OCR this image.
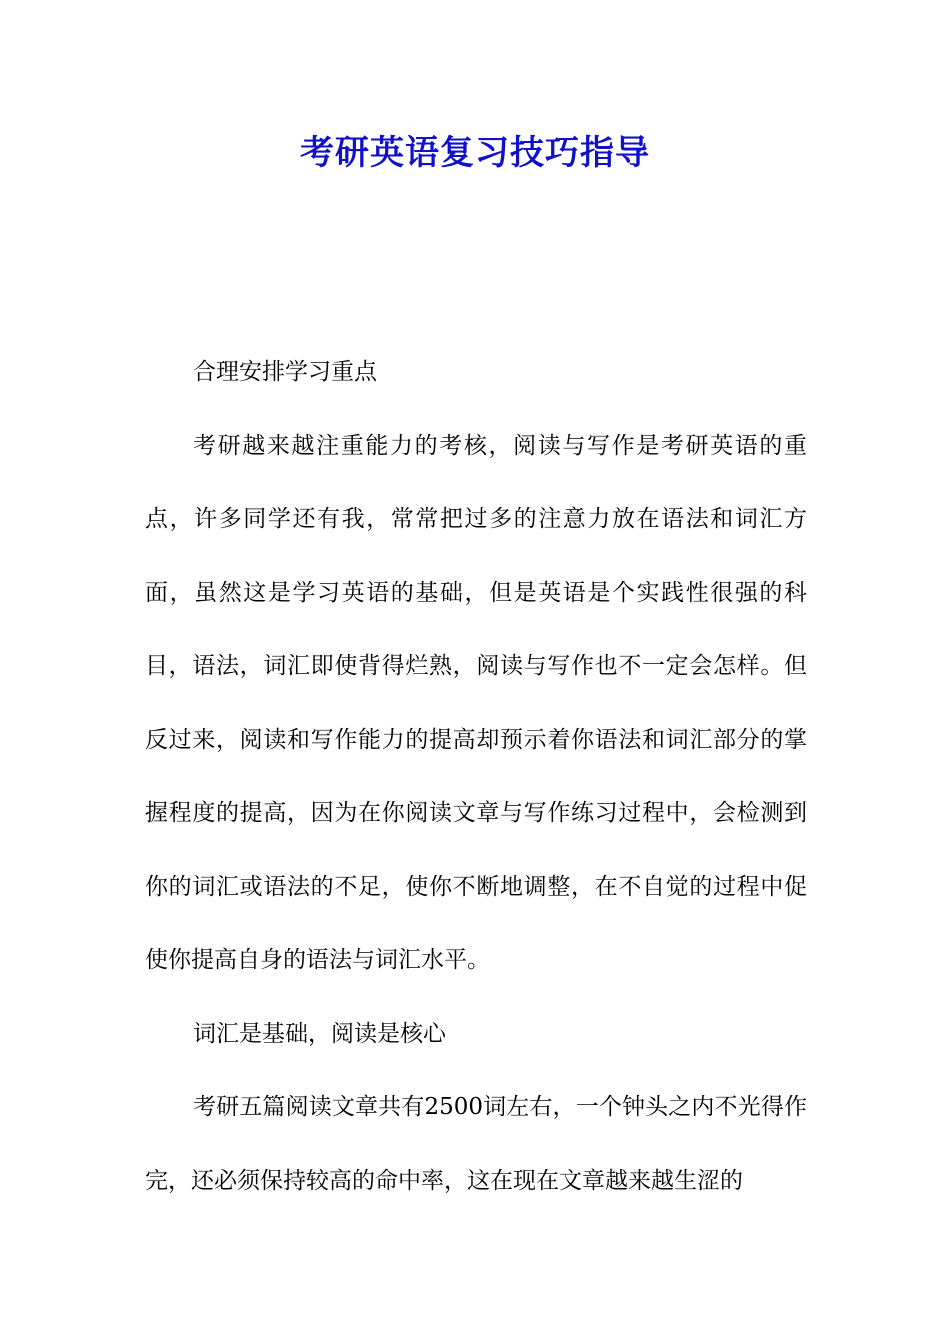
考研英语复习技巧指导

合理安排学习重点

考研越来越注重能力的考核，阅读与写作是考研英语的重点，许多同学还有我，常常把过多的注意力放在语法和词汇方面，虽然这是学习英语的基础，但是英语是个实践性很强的科目，语法，词汇即使背得烂熟，阅读与写作也不一定会怎样。但反过来，阅读和写作能力的提高却预示着你语法和词汇部分的掌握程度的提高，因为在你阅读文章与写作练习过程中，会检测到你的词汇或语法的不足，使你不断地调整，在不自觉的过程中促使你提高自身的语法与词汇水平。

词汇是基础，阅读是核心

考研五篇阅读文章共有2500词左右，一个钟头之内不光得作完，还必须保持较高的命中率，这在现在文章越来越生涩的
